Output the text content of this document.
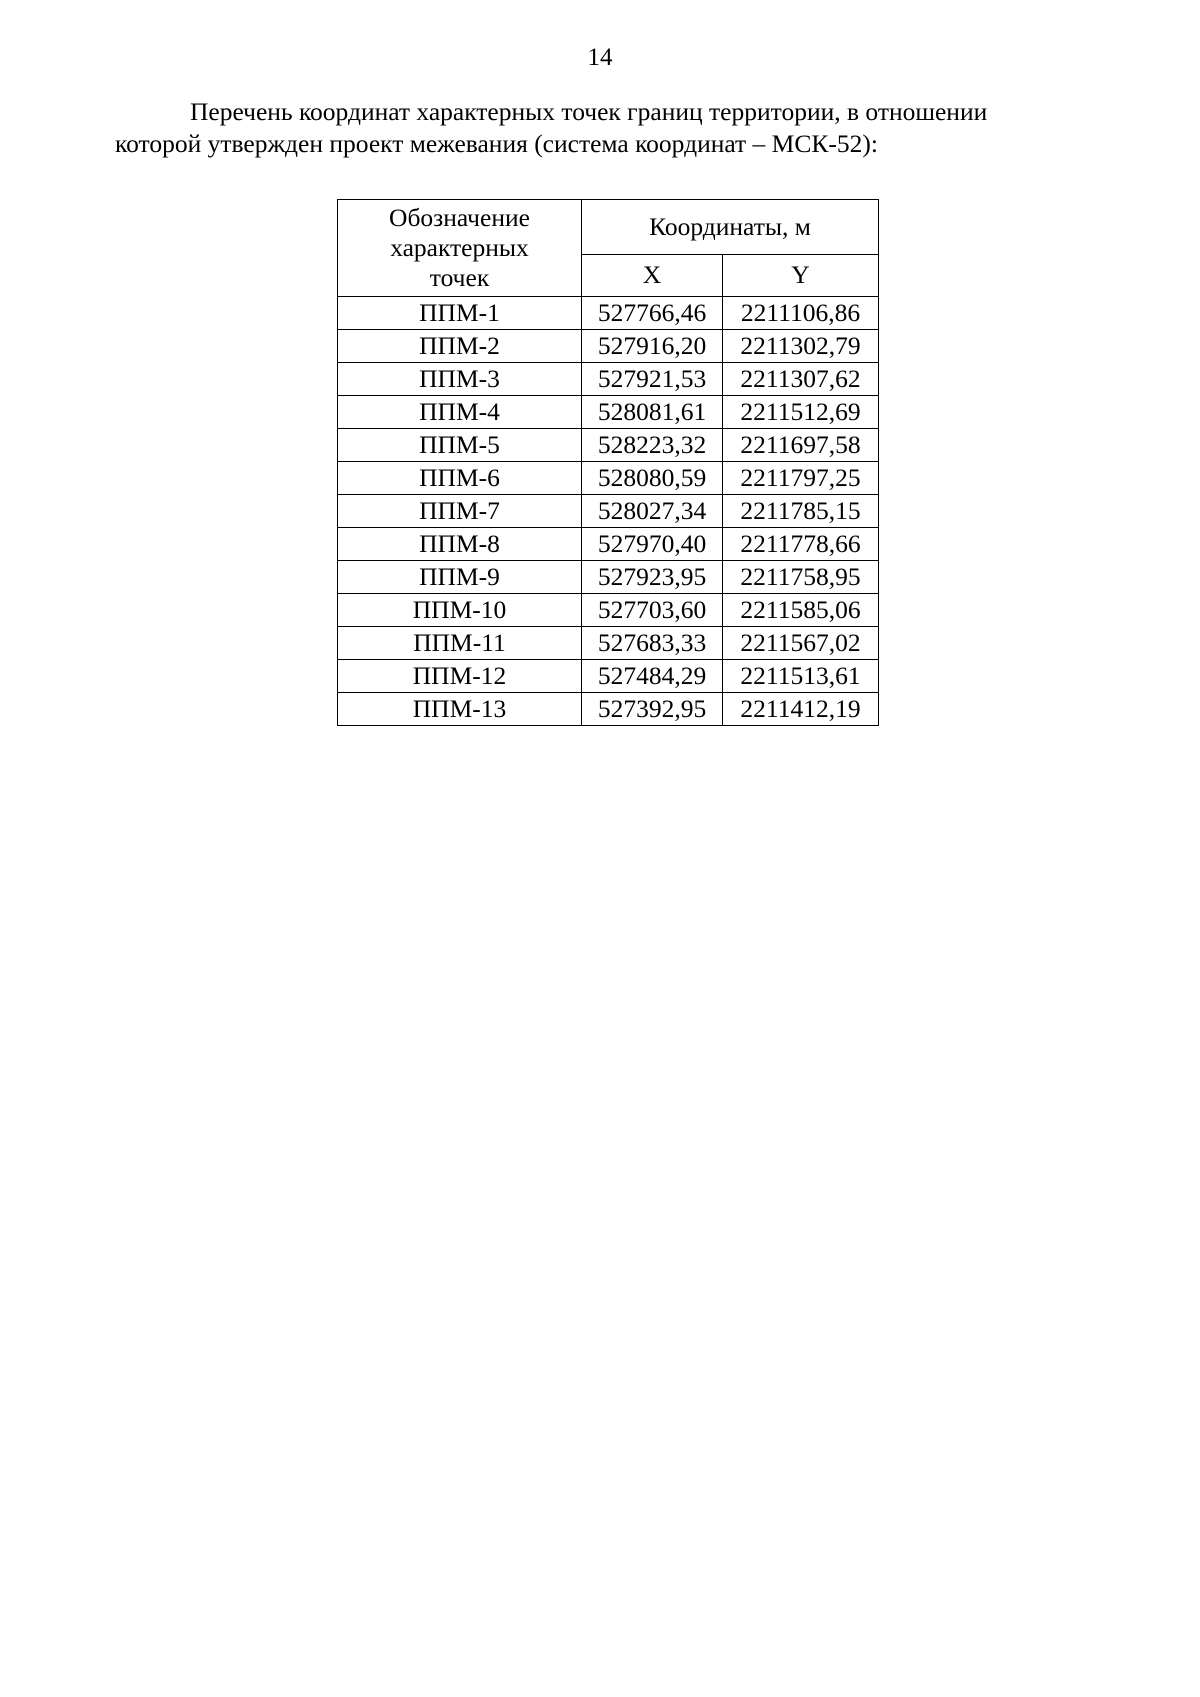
14
Перечень координат характерных точек границ территории, в отношении
которой утвержден проект межевания (система координат – МСК-52):
Обозначение
характерных
точек	Координаты, м	
	X	Y
ППМ-1	527766,46	2211106,86
ППМ-2	527916,20	2211302,79
ППМ-3	527921,53	2211307,62
ППМ-4	528081,61	2211512,69
ППМ-5	528223,32	2211697,58
ППМ-6	528080,59	2211797,25
ППМ-7	528027,34	2211785,15
ППМ-8	527970,40	2211778,66
ППМ-9	527923,95	2211758,95
ППМ-10	527703,60	2211585,06
ППМ-11	527683,33	2211567,02
ППМ-12	527484,29	2211513,61
ППМ-13	527392,95	2211412,19
